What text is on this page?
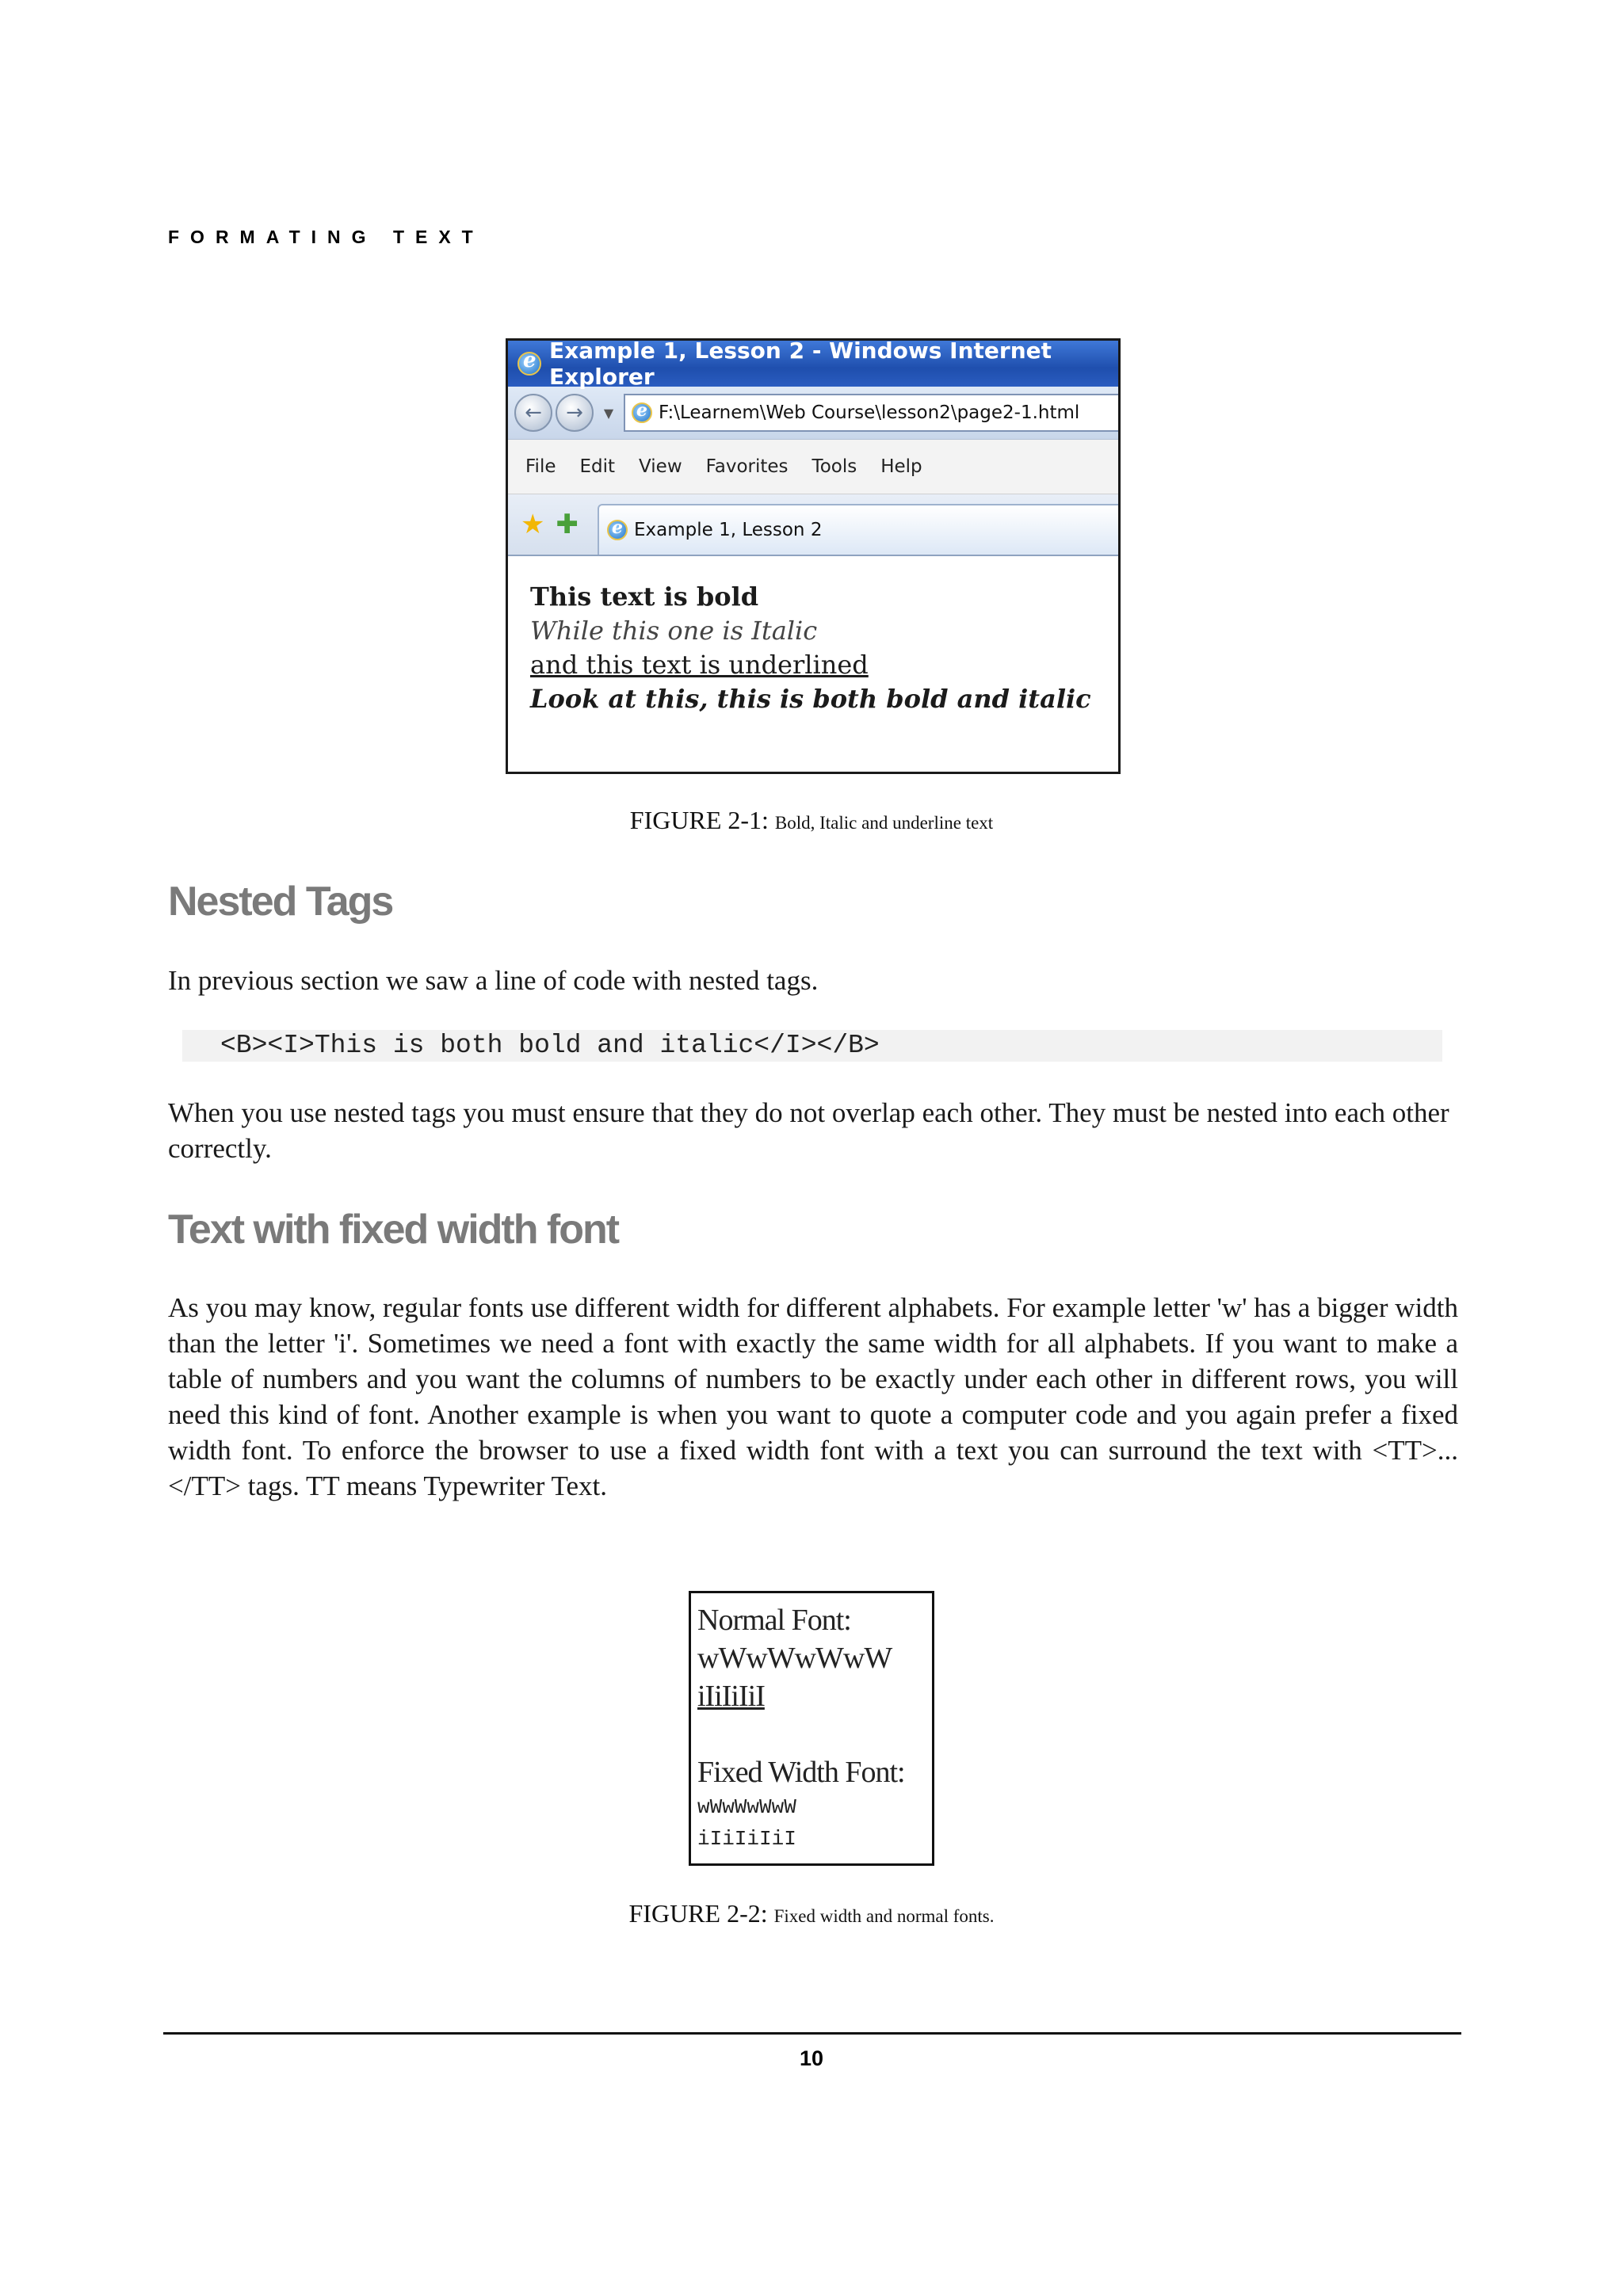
FORMATING TEXT
e
Example 1, Lesson 2 - Windows Internet Explorer
←	→	▼ e	F:\Learnem\Web Course\lesson2\page2-1.html
File Edit View Favorites Tools Help
★ ✚ e	Example 1, Lesson 2
This text is bold
While this one is Italic
and this text is underlined
Look at this, this is both bold and italic
FIGURE 2-1: Bold, Italic and underline text
Nested Tags

In previous section we saw a line of code with nested tags.

<B><I>This is both bold and italic</I></B>

When you use nested tags you must ensure that they do not overlap each other. They must be nested into each other correctly.

Text with fixed width font

As you may know, regular fonts use different width for different alphabets. For example letter 'w' has a bigger width than the letter 'i'. Sometimes we need a font with exactly the same width for all alphabets. If you want to make a table of numbers and you want the columns of numbers to be exactly under each other in different rows, you will need this kind of font. Another example is when you want to quote a computer code and you again prefer a fixed width font. To enforce the browser to use a fixed width font with a text you can surround the text with <TT>...</TT> tags. TT means Typewriter Text.

Normal Font:
wWwWwWwW
iIiIiIiI
Fixed Width Font:
wWwWwWwW
iIiIiIiI
FIGURE 2-2: Fixed width and normal fonts.
10
